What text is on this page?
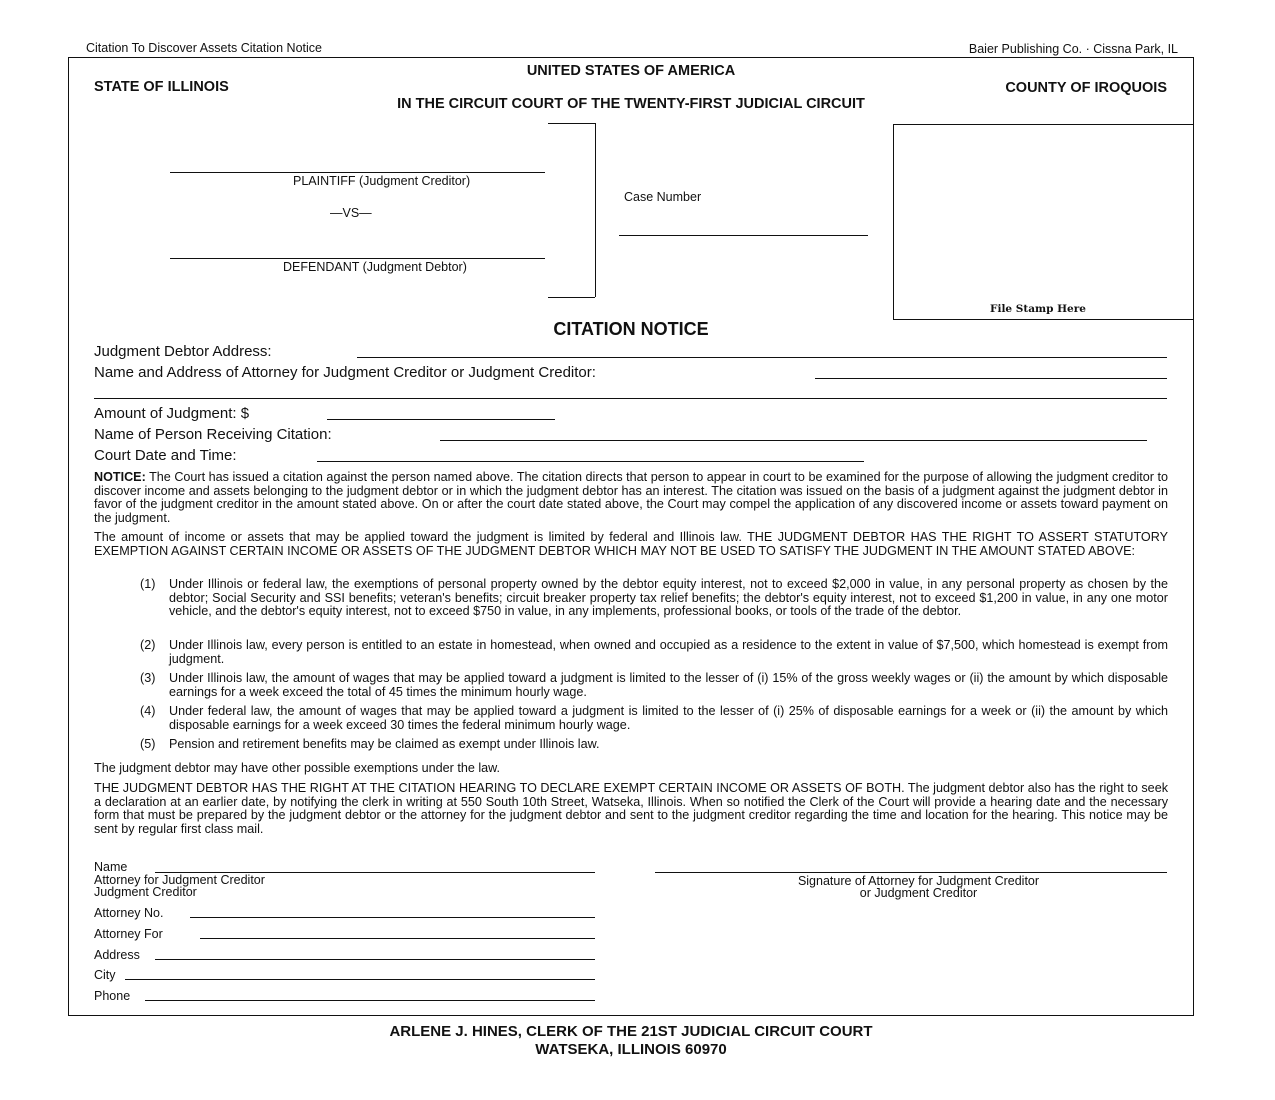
Citation To Discover Assets Citation Notice	Baier Publishing Co. · Cissna Park, IL
UNITED STATES OF AMERICA
STATE OF ILLINOIS	COUNTY OF IROQUOIS
IN THE CIRCUIT COURT OF THE TWENTY-FIRST JUDICIAL CIRCUIT
PLAINTIFF (Judgment Creditor)
—VS—
DEFENDANT (Judgment Debtor)
Case Number
File Stamp Here
CITATION NOTICE
Judgment Debtor Address:
Name and Address of Attorney for Judgment Creditor or Judgment Creditor:
Amount of Judgment: $
Name of Person Receiving Citation:
Court Date and Time:
NOTICE: The Court has issued a citation against the person named above. The citation directs that person to appear in court to be examined for the purpose of allowing the judgment creditor to discover income and assets belonging to the judgment debtor or in which the judgment debtor has an interest. The citation was issued on the basis of a judgment against the judgment debtor in favor of the judgment creditor in the amount stated above. On or after the court date stated above, the Court may compel the application of any discovered income or assets toward payment on the judgment.
The amount of income or assets that may be applied toward the judgment is limited by federal and Illinois law. THE JUDGMENT DEBTOR HAS THE RIGHT TO ASSERT STATUTORY EXEMPTION AGAINST CERTAIN INCOME OR ASSETS OF THE JUDGMENT DEBTOR WHICH MAY NOT BE USED TO SATISFY THE JUDGMENT IN THE AMOUNT STATED ABOVE:
(1) Under Illinois or federal law, the exemptions of personal property owned by the debtor equity interest, not to exceed $2,000 in value, in any personal property as chosen by the debtor; Social Security and SSI benefits; veteran's benefits; circuit breaker property tax relief benefits; the debtor's equity interest, not to exceed $1,200 in value, in any one motor vehicle, and the debtor's equity interest, not to exceed $750 in value, in any implements, professional books, or tools of the trade of the debtor.
(2) Under Illinois law, every person is entitled to an estate in homestead, when owned and occupied as a residence to the extent in value of $7,500, which homestead is exempt from judgment.
(3) Under Illinois law, the amount of wages that may be applied toward a judgment is limited to the lesser of (i) 15% of the gross weekly wages or (ii) the amount by which disposable earnings for a week exceed the total of 45 times the minimum hourly wage.
(4) Under federal law, the amount of wages that may be applied toward a judgment is limited to the lesser of (i) 25% of disposable earnings for a week or (ii) the amount by which disposable earnings for a week exceed 30 times the federal minimum hourly wage.
(5) Pension and retirement benefits may be claimed as exempt under Illinois law.
The judgment debtor may have other possible exemptions under the law.
THE JUDGMENT DEBTOR HAS THE RIGHT AT THE CITATION HEARING TO DECLARE EXEMPT CERTAIN INCOME OR ASSETS OF BOTH. The judgment debtor also has the right to seek a declaration at an earlier date, by notifying the clerk in writing at 550 South 10th Street, Watseka, Illinois. When so notified the Clerk of the Court will provide a hearing date and the necessary form that must be prepared by the judgment debtor or the attorney for the judgment debtor and sent to the judgment creditor regarding the time and location for the hearing. This notice may be sent by regular first class mail.
Name
Attorney for Judgment Creditor
Judgment Creditor
Signature of Attorney for Judgment Creditor
or Judgment Creditor
Attorney No.
Attorney For
Address
City
Phone
ARLENE J. HINES, CLERK OF THE 21ST JUDICIAL CIRCUIT COURT
WATSEKA, ILLINOIS 60970
